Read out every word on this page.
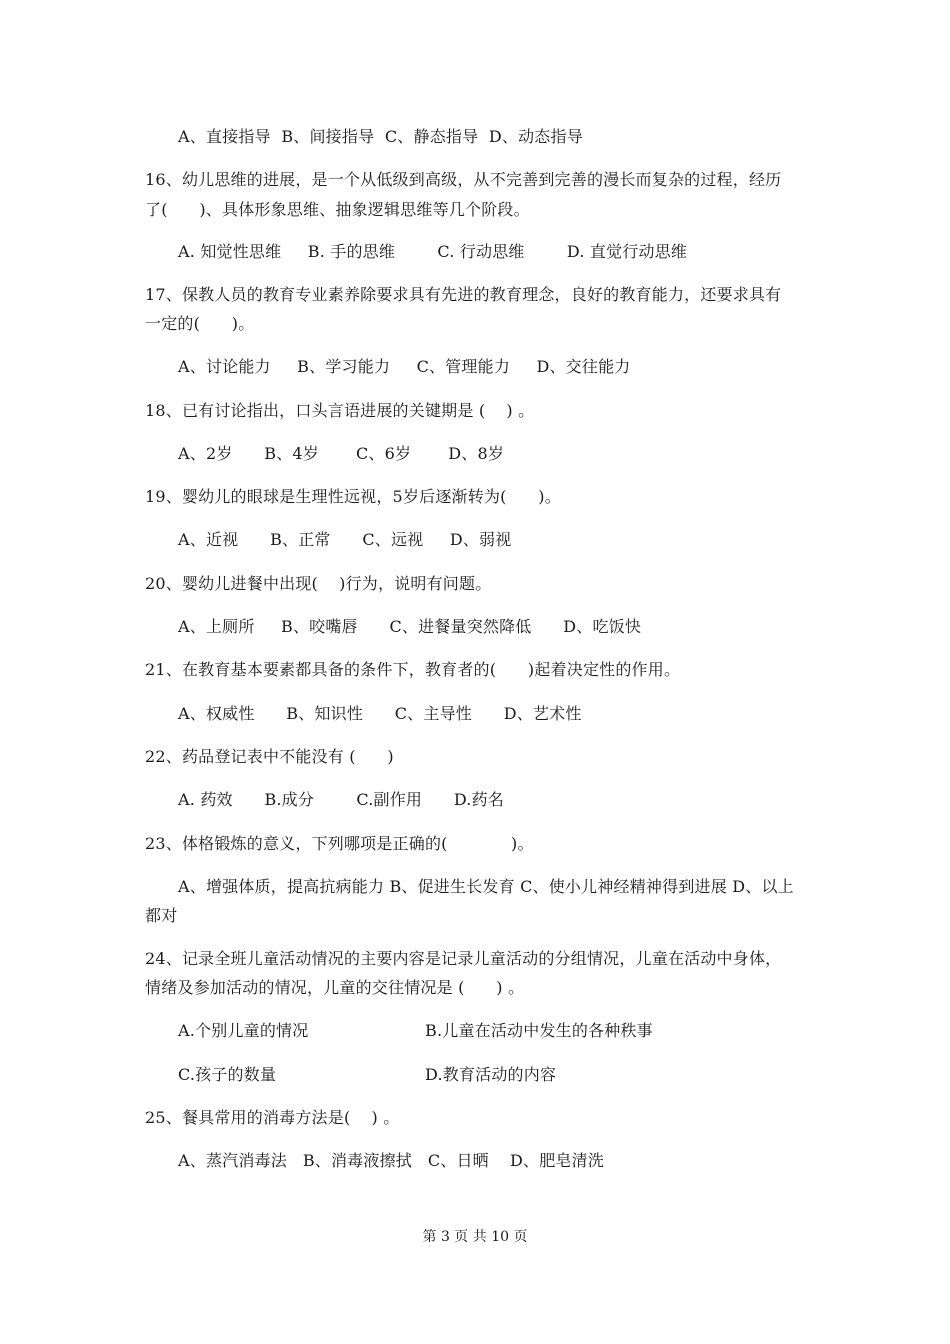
A、直接指导  B、间接指导  C、静态指导  D、动态指导
16、幼儿思维的进展，是一个从低级到高级，从不完善到完善的漫长而复杂的过程，经历
了(      )、具体形象思维、抽象逻辑思维等几个阶段。
A. 知觉性思维     B. 手的思维        C. 行动思维        D. 直觉行动思维
17、保教人员的教育专业素养除要求具有先进的教育理念，良好的教育能力，还要求具有
一定的(      )。
A、讨论能力     B、学习能力     C、管理能力     D、交往能力
18、已有讨论指出，口头言语进展的关键期是 (    ) 。
A、2岁      B、4岁       C、6岁       D、8岁
19、婴幼儿的眼球是生理性远视，5岁后逐渐转为(      )。
A、近视      B、正常      C、远视     D、弱视
20、婴幼儿进餐中出现(    )行为，说明有问题。
A、上厕所     B、咬嘴唇      C、进餐量突然降低      D、吃饭快
21、在教育基本要素都具备的条件下，教育者的(      )起着决定性的作用。
A、权威性      B、知识性      C、主导性      D、艺术性
22、药品登记表中不能没有 (      )
A. 药效      B.成分        C.副作用      D.药名
23、体格锻炼的意义，下列哪项是正确的(            )。
A、增强体质，提高抗病能力 B、促进生长发育 C、使小儿神经精神得到进展 D、以上
都对
24、记录全班儿童活动情况的主要内容是记录儿童活动的分组情况，儿童在活动中身体，
情绪及参加活动的情况，儿童的交往情况是 (      ) 。
A.个别儿童的情况	B.儿童在活动中发生的各种秩事
C.孩子的数量	D.教育活动的内容
25、餐具常用的消毒方法是(    ) 。
A、蒸汽消毒法   B、消毒液擦拭   C、日晒    D、肥皂清洗
第 3 页 共 10 页
